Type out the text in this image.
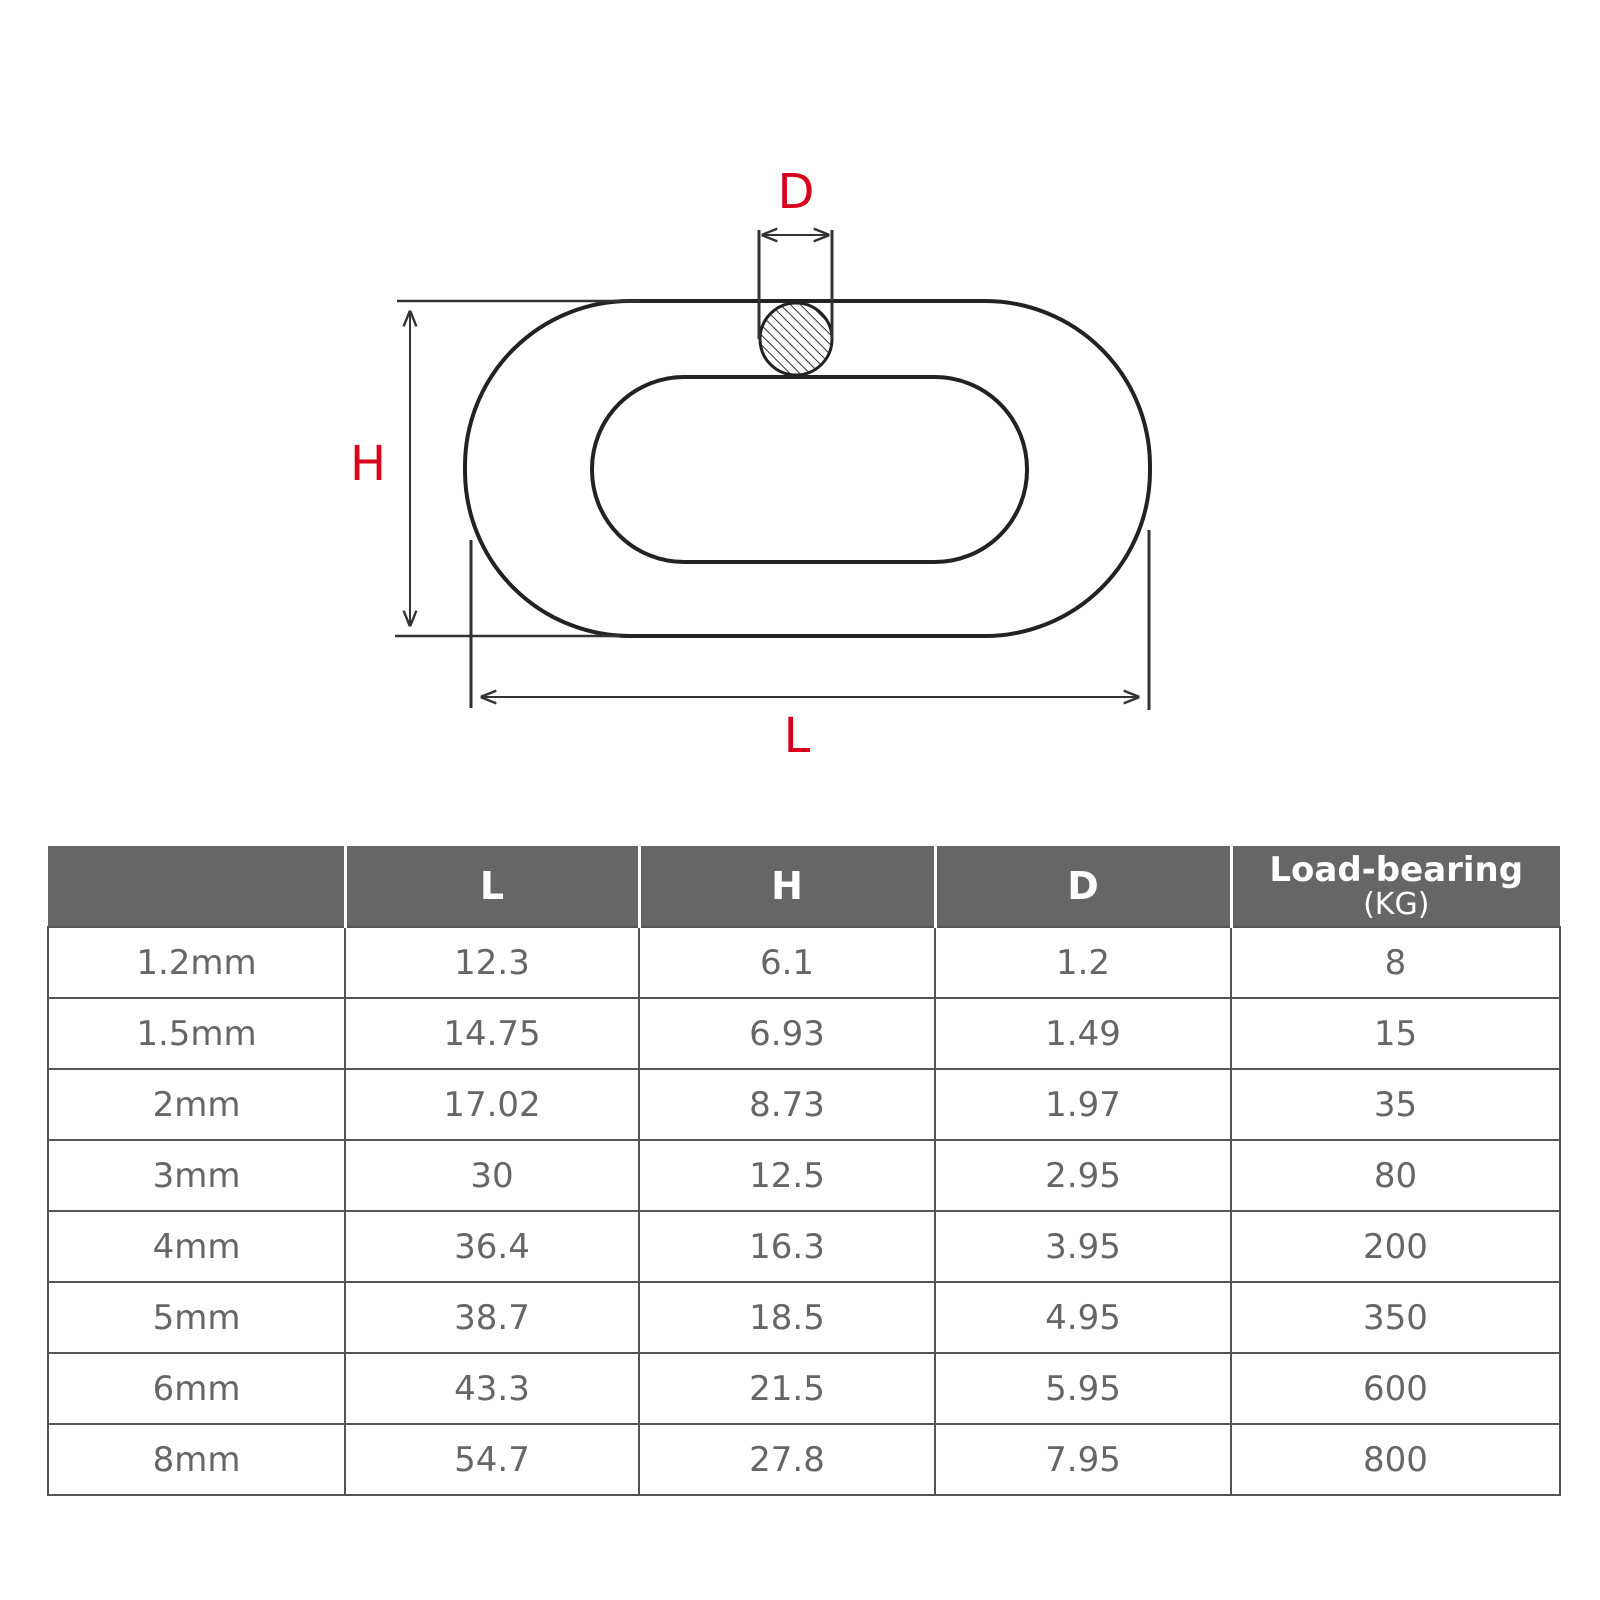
D
H
L
	L	H	D	Load-bearing
(KG)

1.2mm	12.3	6.1	1.2	8
1.5mm	14.75	6.93	1.49	15
2mm	17.02	8.73	1.97	35
3mm	30	12.5	2.95	80
4mm	36.4	16.3	3.95	200
5mm	38.7	18.5	4.95	350
6mm	43.3	21.5	5.95	600
8mm	54.7	27.8	7.95	800
